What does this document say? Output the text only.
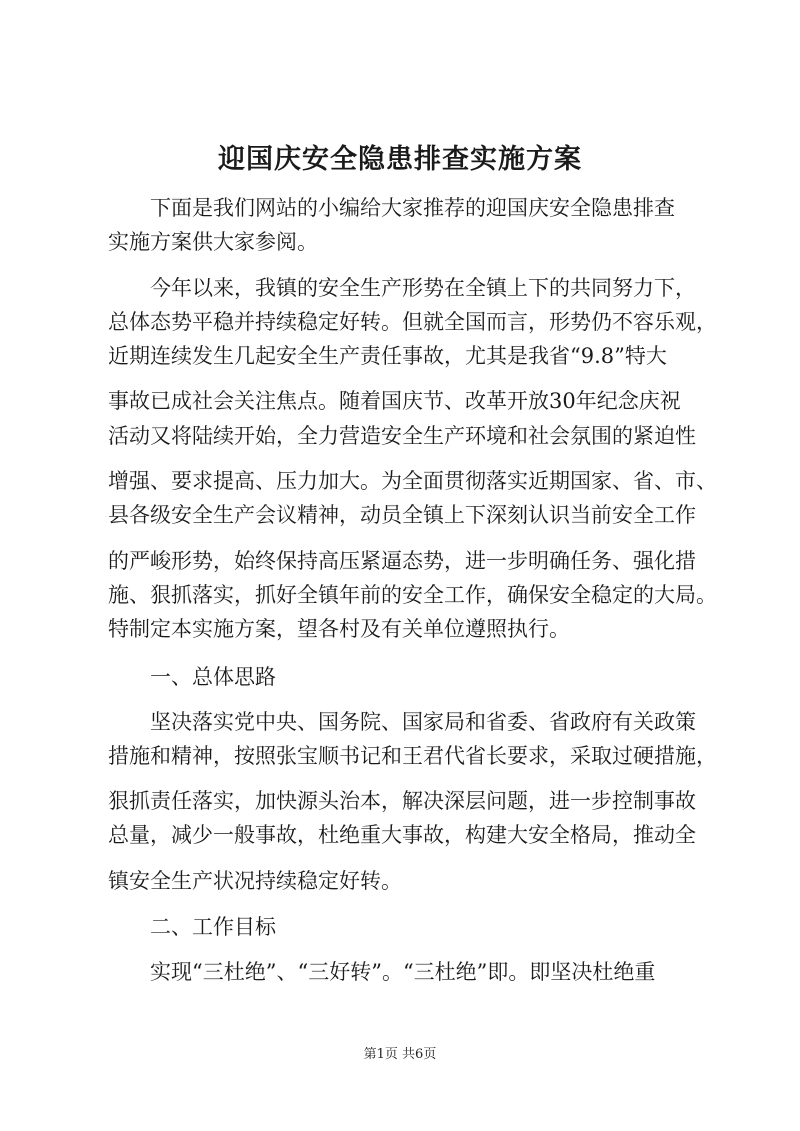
迎国庆安全隐患排查实施方案

下面是我们网站的小编给大家推荐的迎国庆安全隐患排查

实施方案供大家参阅。

今年以来，我镇的安全生产形势在全镇上下的共同努力下，

总体态势平稳并持续稳定好转。但就全国而言，形势仍不容乐观，

近期连续发生几起安全生产责任事故，尤其是我省“9.8”特大

事故已成社会关注焦点。随着国庆节、改革开放30年纪念庆祝

活动又将陆续开始，全力营造安全生产环境和社会氛围的紧迫性

增强、要求提高、压力加大。为全面贯彻落实近期国家、省、市、

县各级安全生产会议精神，动员全镇上下深刻认识当前安全工作

的严峻形势，始终保持高压紧逼态势，进一步明确任务、强化措

施、狠抓落实，抓好全镇年前的安全工作，确保安全稳定的大局。

特制定本实施方案，望各村及有关单位遵照执行。

一、总体思路

坚决落实党中央、国务院、国家局和省委、省政府有关政策

措施和精神，按照张宝顺书记和王君代省长要求，采取过硬措施，

狠抓责任落实，加快源头治本，解决深层问题，进一步控制事故

总量，减少一般事故，杜绝重大事故，构建大安全格局，推动全

镇安全生产状况持续稳定好转。

二、工作目标

实现“三杜绝”、“三好转”。“三杜绝”即。即坚决杜绝重

第1页 共6页
